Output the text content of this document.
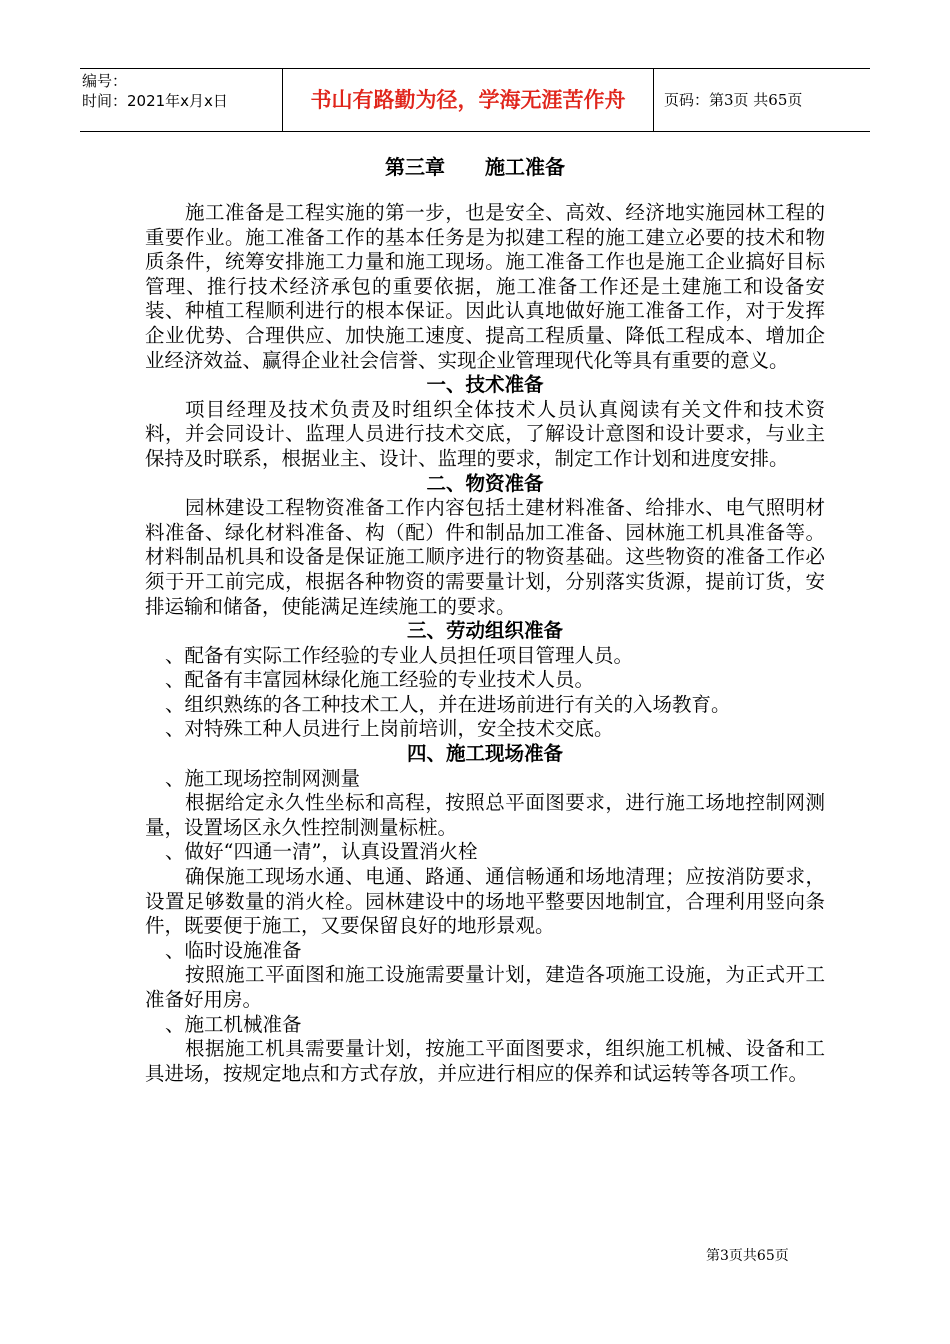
编号：
时间：2021年x月x日	书山有路勤为径，学海无涯苦作舟	页码：第3页 共65页
第三章　　施工准备

施工准备是工程实施的第一步，也是安全、高效、经济地实施园林工程的重要作业。施工准备工作的基本任务是为拟建工程的施工建立必要的技术和物质条件，统筹安排施工力量和施工现场。施工准备工作也是施工企业搞好目标管理、推行技术经济承包的重要依据，施工准备工作还是土建施工和设备安装、种植工程顺利进行的根本保证。因此认真地做好施工准备工作，对于发挥企业优势、合理供应、加快施工速度、提高工程质量、降低工程成本、增加企业经济效益、赢得企业社会信誉、实现企业管理现代化等具有重要的意义。

一、技术准备

项目经理及技术负责及时组织全体技术人员认真阅读有关文件和技术资料，并会同设计、监理人员进行技术交底，了解设计意图和设计要求，与业主保持及时联系，根据业主、设计、监理的要求，制定工作计划和进度安排。

二、物资准备

园林建设工程物资准备工作内容包括土建材料准备、给排水、电气照明材料准备、绿化材料准备、构（配）件和制品加工准备、园林施工机具准备等。材料制品机具和设备是保证施工顺序进行的物资基础。这些物资的准备工作必须于开工前完成，根据各种物资的需要量计划，分别落实货源，提前订货，安排运输和储备，使能满足连续施工的要求。

三、劳动组织准备

、配备有实际工作经验的专业人员担任项目管理人员。

、配备有丰富园林绿化施工经验的专业技术人员。

、组织熟练的各工种技术工人，并在进场前进行有关的入场教育。

、对特殊工种人员进行上岗前培训，安全技术交底。

四、施工现场准备

、施工现场控制网测量

根据给定永久性坐标和高程，按照总平面图要求，进行施工场地控制网测量，设置场区永久性控制测量标桩。

、做好“四通一清”，认真设置消火栓

确保施工现场水通、电通、路通、通信畅通和场地清理；应按消防要求，设置足够数量的消火栓。园林建设中的场地平整要因地制宜，合理利用竖向条件，既要便于施工，又要保留良好的地形景观。

、临时设施准备

按照施工平面图和施工设施需要量计划，建造各项施工设施，为正式开工准备好用房。

、施工机械准备

根据施工机具需要量计划，按施工平面图要求，组织施工机械、设备和工具进场，按规定地点和方式存放，并应进行相应的保养和试运转等各项工作。

第3页共65页
